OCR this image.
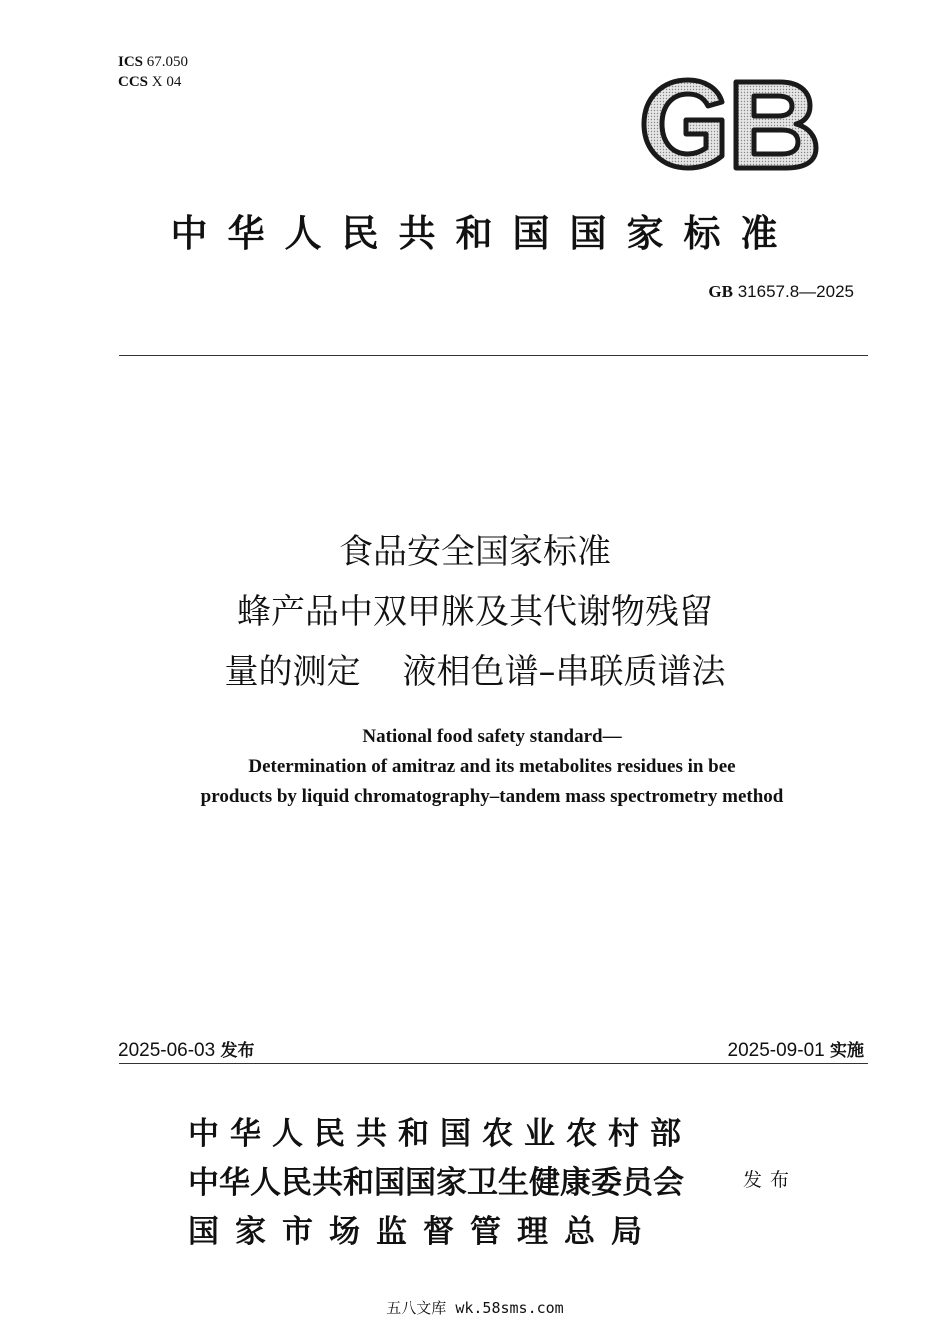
ICS 67.050
CCS X 04
中华人民共和国国家标准
GB 31657.8—2025
食品安全国家标准
蜂产品中双甲脒及其代谢物残留
量的测定 液相色谱–串联质谱法
National food safety standard—
Determination of amitraz and its metabolites residues in bee
products by liquid chromatography–tandem mass spectrometry method
2025-06-03 发布	2025-09-01 实施
中华人民共和国农业农村部
中华人民共和国国家卫生健康委员会
国家市场监督管理总局
发布
五八文库 wk.58sms.com
